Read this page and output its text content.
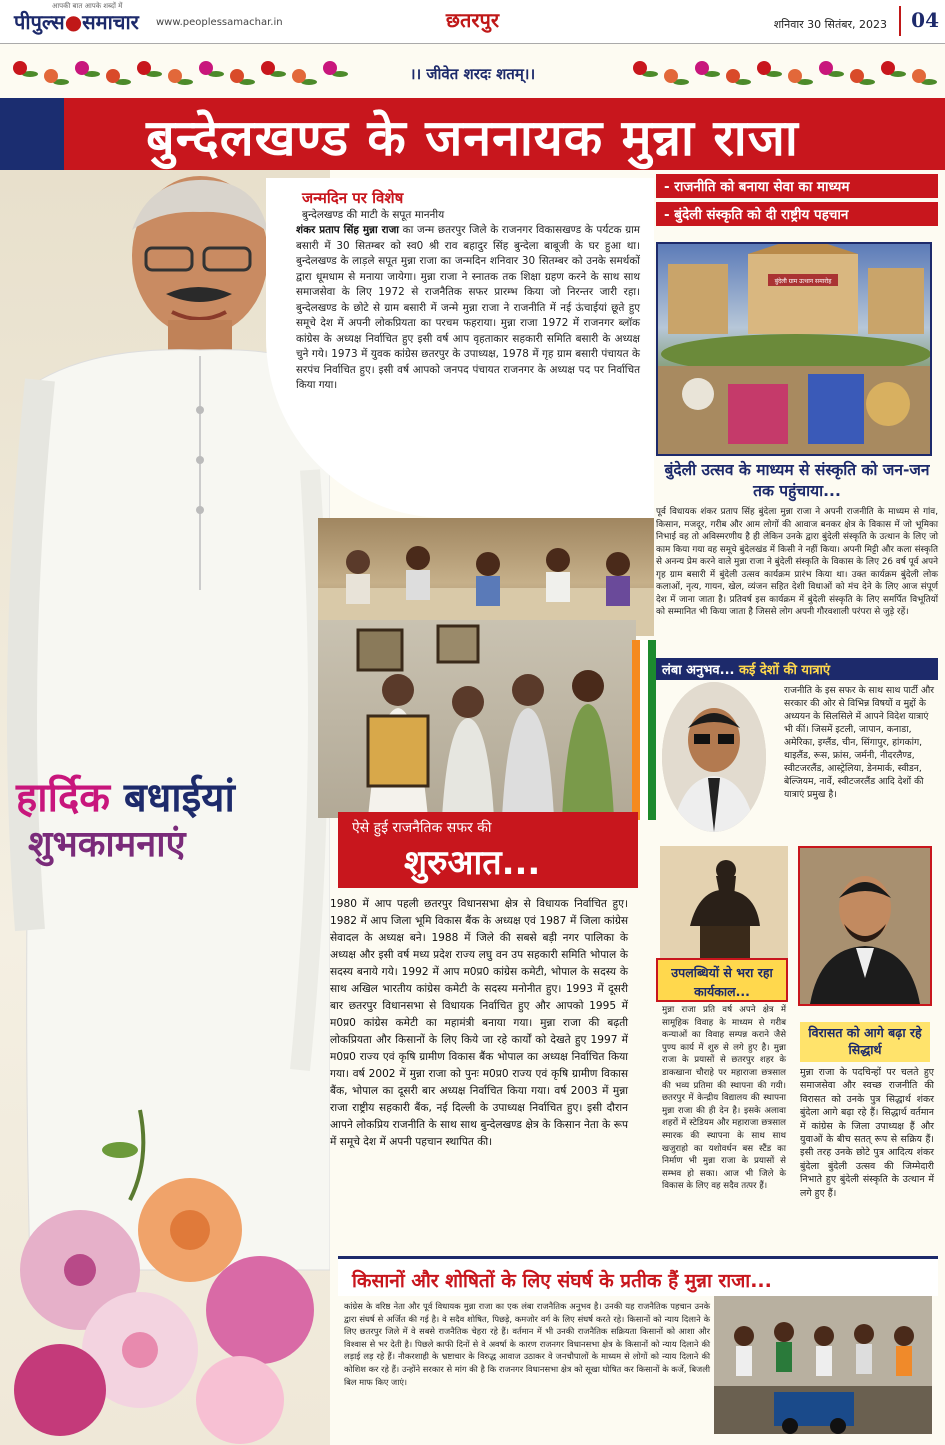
आपकी बात आपके शब्दों में
पीपुल्स●समाचार www.peoplessamachar.in	छतरपुर	शनिवार 30 सितंबर, 2023	04
।। जीवेत शरदः शतम्।।
बुन्देलखण्ड के जननायक मुन्ना राजा
हार्दिक बधाईयां
शुभकामनाएं
जन्मदिन पर विशेष
बुन्देलखण्ड की माटी के सपूत माननीय
शंकर प्रताप सिंह मुन्ना राजा का जन्म छतरपुर जिले के राजनगर विकासखण्ड के पर्यटक ग्राम बसारी में 30 सितम्बर को स्व0 श्री राव बहादुर सिंह बुन्देला बाबूजी के घर हुआ था। बुन्देलखण्ड के लाड़ले सपूत मुन्ना राजा का जन्मदिन शनिवार 30 सितम्बर को उनके समर्थकों द्वारा धूमधाम से मनाया जायेगा। मुन्ना राजा ने स्नातक तक शिक्षा ग्रहण करने के साथ साथ समाजसेवा के लिए 1972 से राजनैतिक सफर प्रारम्भ किया जो निरन्तर जारी रहा। बुन्देलखण्ड के छोटे से ग्राम बसारी में जन्मे मुन्ना राजा ने राजनीति में नई ऊंचाईयां छूते हुए समूचे देश में अपनी लोकप्रियता का परचम फहराया। मुन्ना राजा 1972 में राजनगर ब्लॉक कांग्रेस के अध्यक्ष निर्वाचित हुए इसी वर्ष आप वृहताकार सहकारी समिति बसारी के अध्यक्ष चुने गये। 1973 में युवक कांग्रेस छतरपुर के उपाध्यक्ष, 1978 में गृह ग्राम बसारी पंचायत के सरपंच निर्वाचित हुए। इसी वर्ष आपको जनपद पंचायत राजनगर के अध्यक्ष पद पर निर्वाचित किया गया।
- राजनीति को बनाया सेवा का माध्यम
- बुंदेली संस्कृति को दी राष्ट्रीय पहचान
बुंदेली ग्राम उत्थान समारोह
बुंदेली उत्सव के माध्यम से संस्कृति को जन-जन तक पहुंचाया...
पूर्व विधायक शंकर प्रताप सिंह बुंदेला मुन्ना राजा ने अपनी राजनीति के माध्यम से गांव, किसान, मजदूर, गरीब और आम लोगों की आवाज बनकर क्षेत्र के विकास में जो भूमिका निभाई वह तो अविस्मरणीय है ही लेकिन उनके द्वारा बुंदेली संस्कृति के उत्थान के लिए जो काम किया गया वह समूचे बुंदेलखंड में किसी ने नहीं किया। अपनी मिट्टी और कला संस्कृति से अनन्य प्रेम करने वाले मुन्ना राजा ने बुंदेली संस्कृति के विकास के लिए 26 वर्ष पूर्व अपने गृह ग्राम बसारी में बुंदेली उत्सव कार्यक्रम प्रारंभ किया था। उक्त कार्यक्रम बुंदेली लोक कलाओं, नृत्य, गायन, खेल, व्यंजन सहित देशी विधाओं को मंच देने के लिए आज संपूर्ण देश में जाना जाता है। प्रतिवर्ष इस कार्यक्रम में बुंदेली संस्कृति के लिए समर्पित विभूतियों को सम्मानित भी किया जाता है जिससे लोग अपनी गौरवशाली परंपरा से जुड़े रहें।
लंबा अनुभव... कई देशों की यात्राएं
राजनीति के इस सफर के साथ साथ पार्टी और सरकार की ओर से विभिन्न विषयों व मुद्दों के अध्ययन के सिलसिले में आपने विदेश यात्राएं भी कीं। जिसमें इटली, जापान, कनाडा, अमेरिका, इग्लैंड, चीन, सिंगापुर, हांगकांग, थाइलैंड, रूस, फ्रांस, जर्मनी, नीदरलैण्ड, स्वीटजरलैंड, आस्ट्रेलिया, डेनमार्क, स्वीडन, बेल्जियम, नार्वे, स्वीटजरलैंड आदि देशों की यात्राएं प्रमुख है।
ऐसे हुई राजनैतिक सफर की
शुरुआत...
1980 में आप पहली छतरपुर विधानसभा क्षेत्र से विधायक निर्वाचित हुए। 1982 में आप जिला भूमि विकास बैंक के अध्यक्ष एवं 1987 में जिला कांग्रेस सेवादल के अध्यक्ष बने। 1988 में जिले की सबसे बड़ी नगर पालिका के अध्यक्ष और इसी वर्ष मध्य प्रदेश राज्य लघु वन उप सहकारी समिति भोपाल के सदस्य बनाये गये। 1992 में आप म0प्र0 कांग्रेस कमेटी, भोपाल के सदस्य के साथ अखिल भारतीय कांग्रेस कमेटी के सदस्य मनोनीत हुए। 1993 में दूसरी बार छतरपुर विधानसभा से विधायक निर्वाचित हुए और आपको 1995 में म0प्र0 कांग्रेस कमेटी का महामंत्री बनाया गया। मुन्ना राजा की बढ़ती लोकप्रियता और किसानों के लिए किये जा रहे कार्यों को देखते हुए 1997 में म0प्र0 राज्य एवं कृषि ग्रामीण विकास बैंक भोपाल का अध्यक्ष निर्वाचित किया गया। वर्ष 2002 में मुन्ना राजा को पुनः म0प्र0 राज्य एवं कृषि ग्रामीण विकास बैंक, भोपाल का दूसरी बार अध्यक्ष निर्वाचित किया गया। वर्ष 2003 में मुन्ना राजा राष्ट्रीय सहकारी बैंक, नई दिल्ली के उपाध्यक्ष निर्वाचित हुए। इसी दौरान आपने लोकप्रिय राजनीति के साथ साथ बुन्देलखण्ड क्षेत्र के किसान नेता के रूप में समूचे देश में अपनी पहचान स्थापित की।
उपलब्धियों से भरा रहा कार्यकाल...
मुन्ना राजा प्रति वर्ष अपने क्षेत्र में सामूहिक विवाह के माध्यम से गरीब कन्याओं का विवाह सम्पन्न कराने जैसे पुण्य कार्य में शुरु से लगे हुए है। मुन्ना राजा के प्रयासों से छतरपुर शहर के डाकखाना चौराहे पर महाराजा छत्रसाल की भव्य प्रतिमा की स्थापना की गयी। छतरपुर में केन्द्रीय विद्यालय की स्थापना मुन्ना राजा की ही देन है। इसके अलावा शहरों में स्टेडियम और महाराजा छत्रसाल स्मारक की स्थापना के साथ साथ खजुराहो का यशोवर्धन बस स्टैंड का निर्माण भी मुन्ना राजा के प्रयासों से सम्भव हो सका। आज भी जिले के विकास के लिए वह सदैव तत्पर हैं।
विरासत को आगे बढ़ा रहे सिद्धार्थ
मुन्ना राजा के पदचिन्हों पर चलते हुए समाजसेवा और स्वच्छ राजनीति की विरासत को उनके पुत्र सिद्धार्थ शंकर बुंदेला आगे बढ़ा रहे हैं। सिद्धार्थ वर्तमान में कांग्रेस के जिला उपाध्यक्ष हैं और युवाओं के बीच सतत् रूप से सक्रिय हैं। इसी तरह उनके छोटे पुत्र आदित्य शंकर बुंदेला बुंदेली उत्सव की जिम्मेदारी निभाते हुए बुंदेली संस्कृति के उत्थान में लगे हुए हैं।
किसानों और शोषितों के लिए संघर्ष के प्रतीक हैं मुन्ना राजा...
कांग्रेस के वरिष्ठ नेता और पूर्व विधायक मुन्ना राजा का एक लंबा राजनैतिक अनुभव है। उनकी यह राजनैतिक पहचान उनके द्वारा संघर्ष से अर्जित की गई है। वे सदैव शोषित, पिछड़े, कमजोर वर्ग के लिए संघर्ष करते रहे। किसानों को न्याय दिलाने के लिए छतरपुर जिले में वे सबसे राजनैतिक चेहरा रहे हैं। वर्तमान में भी उनकी राजनैतिक सक्रियता किसानों को आशा और विश्वास से भर देती है। पिछले काफी दिनों से वे अवर्षा के कारण राजनगर विधानसभा क्षेत्र के किसानों को न्याय दिलाने की लड़ाई लड़ रहे हैं। नौकरशाही के भ्रष्टाचार के विरुद्ध आवाज उठाकर वे जनचौपालों के माध्यम से लोगों को न्याय दिलाने की कोशिश कर रहे हैं। उन्होंने सरकार से मांग की है कि राजनगर विधानसभा क्षेत्र को सूखा घोषित कर किसानों के कर्जे, बिजली बिल माफ किए जाएं।
